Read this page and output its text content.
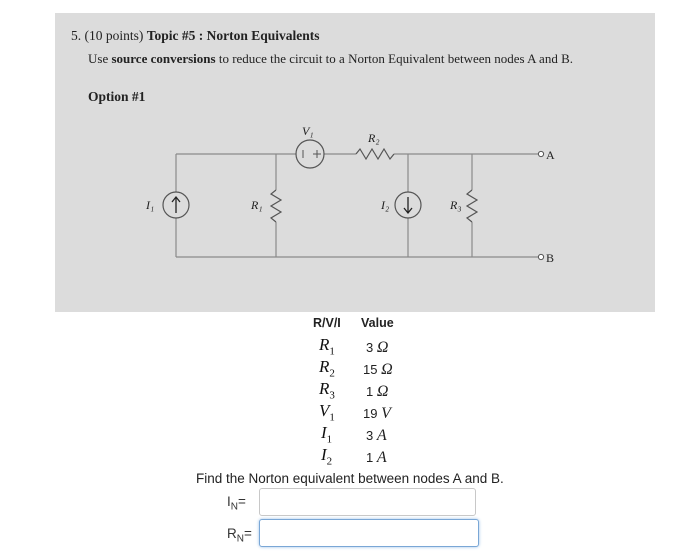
5. (10 points) Topic #5 : Norton Equivalents
Use source conversions to reduce the circuit to a Norton Equivalent between nodes A and B.
Option #1
V₁	R₂
I₁	R₁	I₂	R₃
A
B
R/V/I Value
$R_1$ 3 Ω
$R_2$ 15 Ω
$R_3$ 1 Ω
$V_1$ 19 V
$I_1$	3 A
$I_2$	1 A
Find the Norton equivalent between nodes A and B.
$I_N=$
$R_N=$
